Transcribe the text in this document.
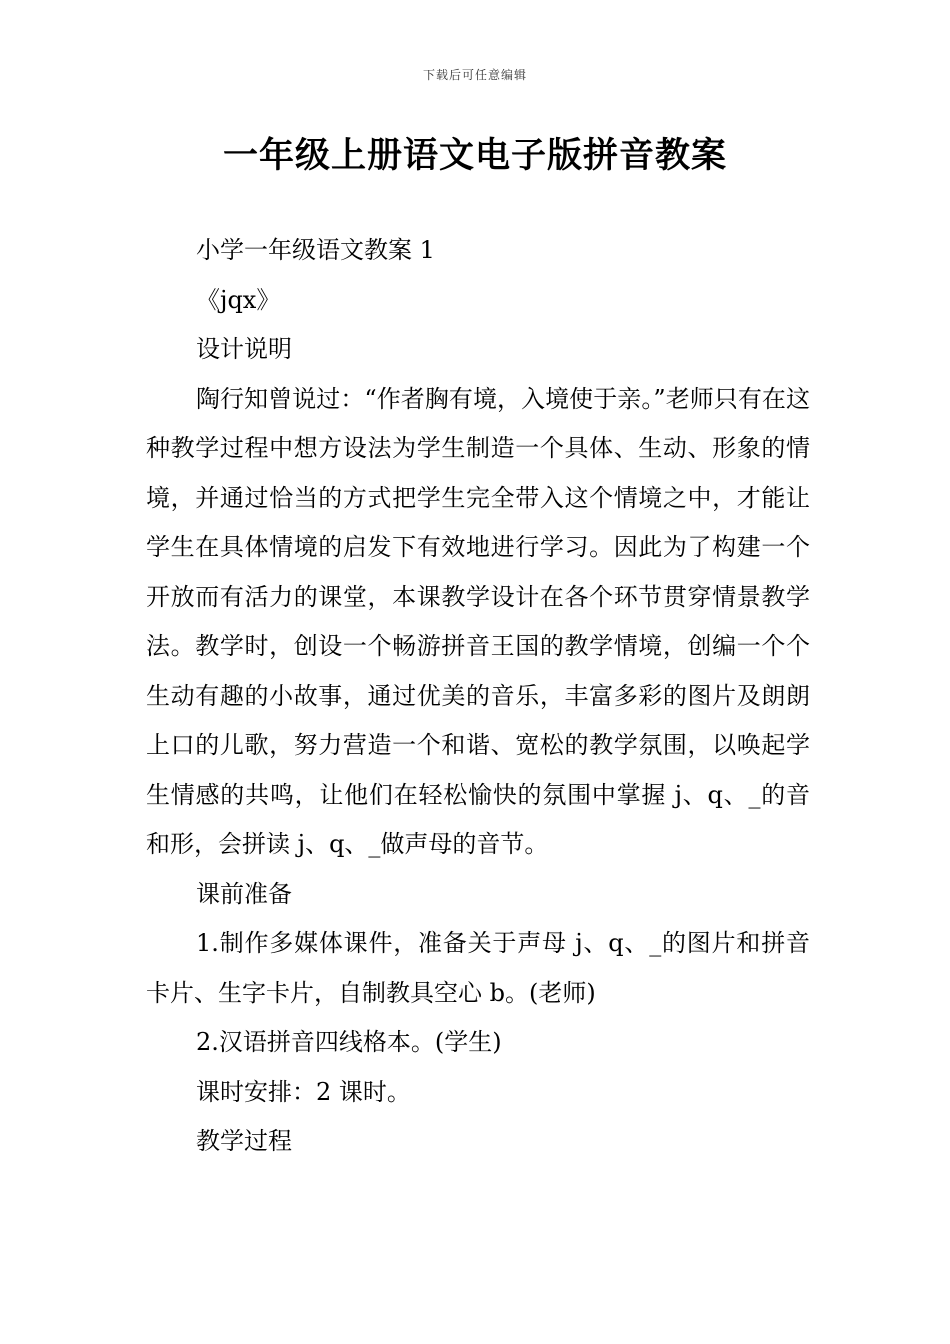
下载后可任意编辑
一年级上册语文电子版拼音教案

小学一年级语文教案 1

《jqx》

设计说明

陶行知曾说过：“作者胸有境，入境使于亲。”老师只有在这种教学过程中想方设法为学生制造一个具体、生动、形象的情境，并通过恰当的方式把学生完全带入这个情境之中，才能让学生在具体情境的启发下有效地进行学习。因此为了构建一个开放而有活力的课堂，本课教学设计在各个环节贯穿情景教学法。教学时，创设一个畅游拼音王国的教学情境，创编一个个生动有趣的小故事，通过优美的音乐，丰富多彩的图片及朗朗上口的儿歌，努力营造一个和谐、宽松的教学氛围，以唤起学生情感的共鸣，让他们在轻松愉快的氛围中掌握 j、q、_的音和形，会拼读 j、q、_做声母的音节。

课前准备

1.制作多媒体课件，准备关于声母 j、q、_的图片和拼音卡片、生字卡片，自制教具空心 b。(老师)

2.汉语拼音四线格本。(学生)

课时安排：2 课时。

教学过程
